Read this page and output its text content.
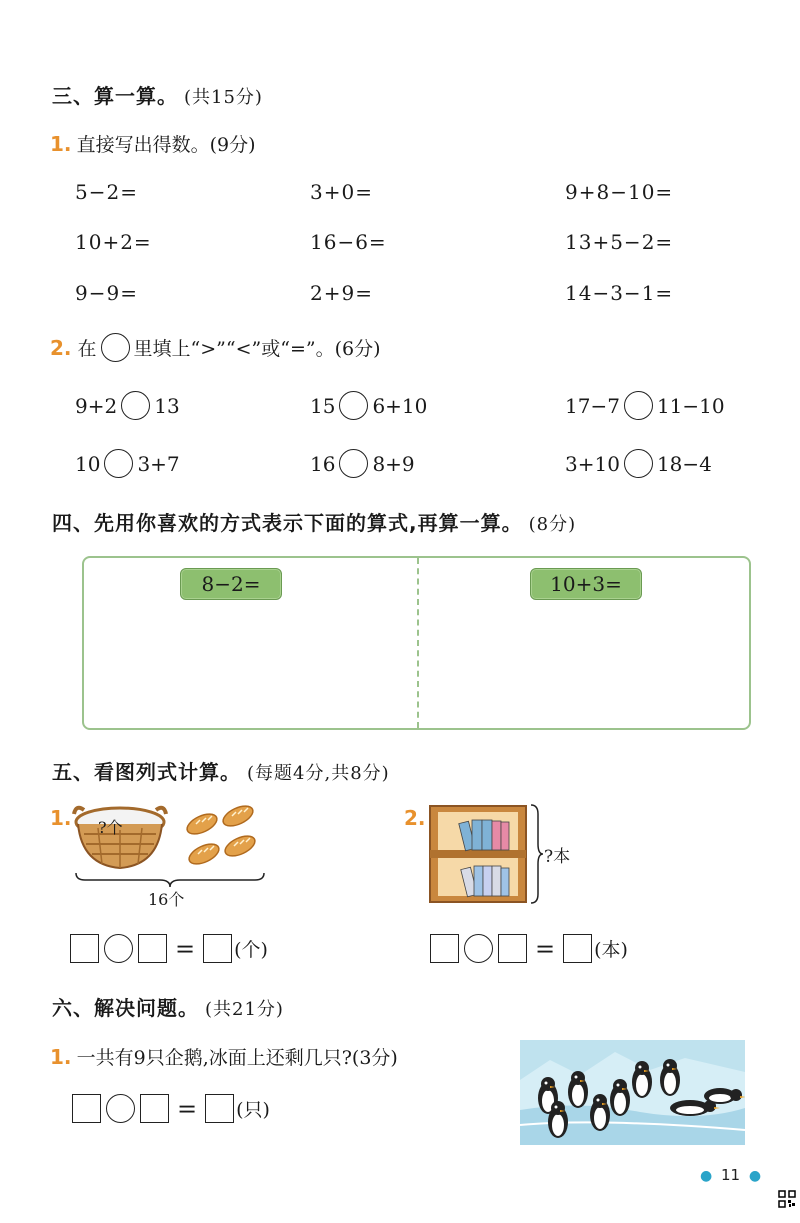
三、算一算。 (共15分)
1. 直接写出得数。(9分)
5−2=	3+0=	9+8−10=
10+2=	16−6=	13+5−2=
9−9=	2+9=	14−3−1=
2. 在 里填上“>”“<”或“=”。(6分)
9+2 13	15 6+10	17−7 11−10
10 3+7	16 8+9	3+10 18−4
四、先用你喜欢的方式表示下面的算式,再算一算。 (8分)
8−2=	10+3=
五、看图列式计算。 (每题4分,共8分)
1. ?个
16个
= (个)
2.
?本
= (本)
六、解决问题。 (共21分)
1. 一共有9只企鹅,冰面上还剩几只?(3分)
= (只)
● 11 ●
